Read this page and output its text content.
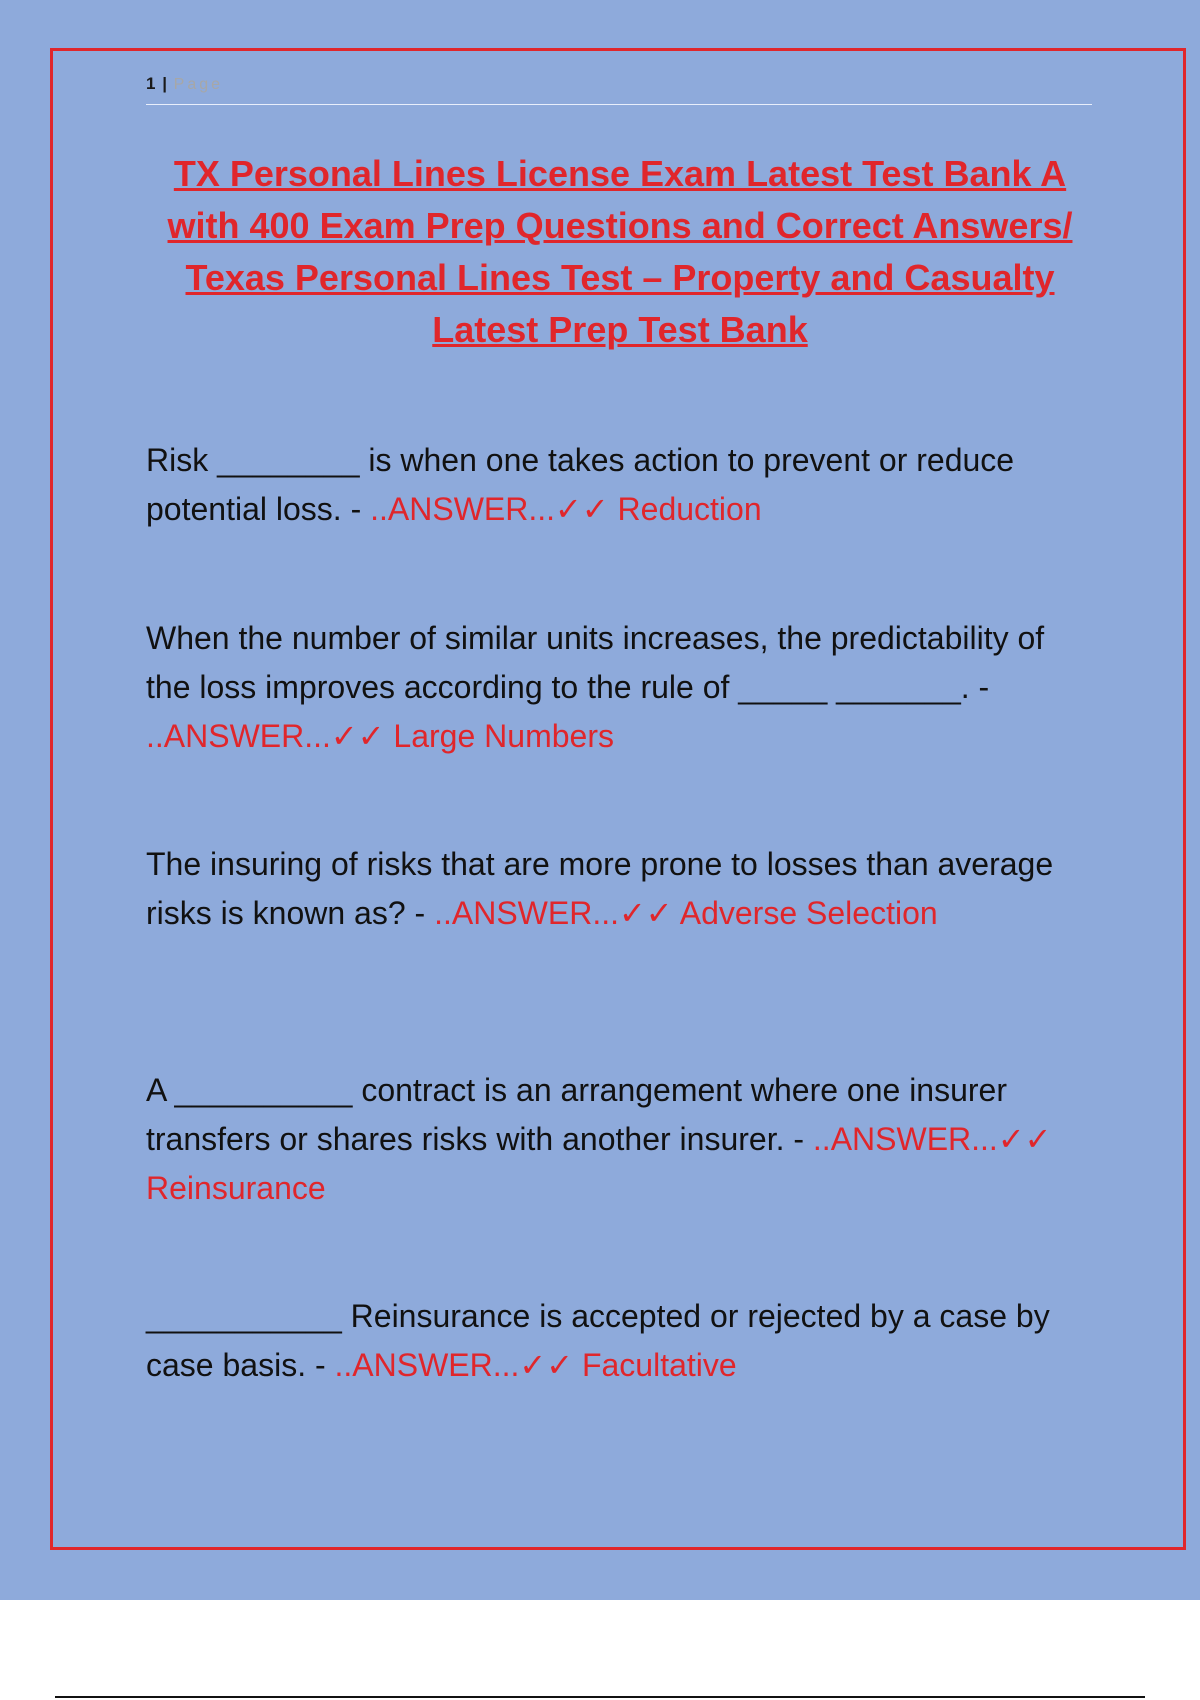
1 | Page
TX Personal Lines License Exam Latest Test Bank A with 400 Exam Prep Questions and Correct Answers/ Texas Personal Lines Test – Property and Casualty Latest Prep Test Bank
Risk ________ is when one takes action to prevent or reduce potential loss. - ..ANSWER...✓✓ Reduction
When the number of similar units increases, the predictability of the loss improves according to the rule of _____ _______. - ..ANSWER...✓✓ Large Numbers
The insuring of risks that are more prone to losses than average risks is known as? - ..ANSWER...✓✓ Adverse Selection
A __________ contract is an arrangement where one insurer transfers or shares risks with another insurer. - ..ANSWER...✓✓ Reinsurance
___________ Reinsurance is accepted or rejected by a case by case basis. - ..ANSWER...✓✓ Facultative
